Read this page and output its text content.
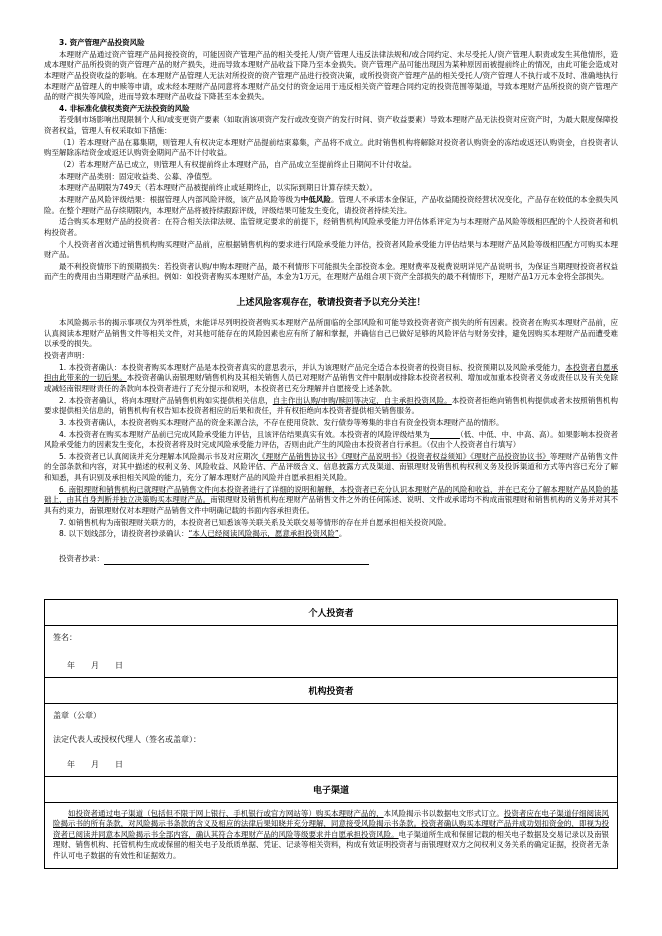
3. 资产管理产品投资风险

本理财产品通过资产管理产品间接投资的，可能因资产管理产品的相关受托人/资产管理人违反法律法规和/或合同约定、未尽受托人/资产管理人职责或发生其他情形，造成本理财产品所投资的资产管理产品的财产损失，进而导致本理财产品收益下降乃至本金损失。资产管理产品可能出现因为某种原因而被提前终止的情况，由此可能会造成对本理财产品投资收益的影响。在本理财产品管理人无法对所投资的资产管理产品进行投资决策，或所投资资产管理产品的相关受托人/资产管理人不执行或不及时、准确地执行本理财产品管理人的申赎等申请，或未经本理财产品同意将本理财产品交付的资金运用于违反相关资产管理合同约定的投资范围等渠道，导致本理财产品所投资的资产管理产品的财产损失等风险，进而导致本理财产品收益下降甚至本金损失。

4. 非标准化债权类资产无法投资的风险

若受制市场影响出现限制个人和/或变更资产要素（如取消该项资产发行或改变资产的发行时间、资产收益要素）导致本理财产品无法投资对应资产时，为最大限度保障投资者权益，管理人有权采取如下措施：

（1）若本理财产品在募集期，则管理人有权决定本理财产品提前结束募集，产品将不成立。此时销售机构将解除对投资者认购资金的冻结或返还认购资金，自投资者认购至解除冻结资金或返还认购资金期间产品不计付收益。

（2）若本理财产品已成立，则管理人有权提前终止本理财产品，自产品成立至提前终止日期间不计付收益。

本理财产品类别：固定收益类、公募、净值型。

本理财产品期限为749天（若本理财产品被提前终止或延期终止，以实际到期日计算存续天数）。

本理财产品风险评级结果：根据管理人内部风险评级，该产品风险等级为中低风险。管理人不承诺本金保证，产品收益随投资经营状况变化，产品存在较低的本金损失风险。在整个理财产品存续期限内，本理财产品将被持续跟踪评级，评级结果可能发生变化，请投资者持续关注。

适合购买本理财产品的投资者：在符合相关法律法规、监管规定要求的前提下，经销售机构风险承受能力评估体系评定为与本理财产品风险等级相匹配的个人投资者和机构投资者。

个人投资者首次通过销售机构购买理财产品前，应根据销售机构的要求进行风险承受能力评估，投资者风险承受能力评估结果与本理财产品风险等级相匹配方可购买本理财产品。

最不利投资情形下的预期损失：若投资者认购/申购本理财产品，最不利情形下可能损失全部投资本金。理财费率及税费说明详见产品说明书，为保证当期理财投资者权益而产生的费用由当期理财产品承担。例如：如投资者购买本理财产品，本金为1万元，在理财产品组合项下资产全部损失的最不利情形下，理财产品1万元本金将全部损失。

上述风险客观存在，敬请投资者予以充分关注！

本风险揭示书的揭示事项仅为列举性质，未能详尽列明投资者购买本理财产品所面临的全部风险和可能导致投资者资产损失的所有因素。投资者在购买本理财产品前，应认真阅读本理财产品销售文件等相关文件，对其他可能存在的风险因素也应有所了解和掌握，并确信自己已做好足够的风险评估与财务安排，避免因购买本理财产品而遭受难以承受的损失。

投资者声明：

1. 本投资者确认：本投资者购买本理财产品是本投资者真实的意思表示，并认为该理财产品完全适合本投资者的投资目标、投资预期以及风险承受能力，本投资者自愿承担由此带来的一切后果。本投资者确认南银理财/销售机构及其相关销售人员已对理财产品销售文件中限制或排除本投资者权利、增加或加重本投资者义务或责任以及有关免除或减轻南银理财责任的条款向本投资者进行了充分提示和说明，本投资者已充分理解并自愿接受上述条款。

2. 本投资者确认，将向本理财产品销售机构如实提供相关信息，自主作出认购/申购/赎回等决定，自主承担投资风险。本投资者拒绝向销售机构提供或者未按照销售机构要求提供相关信息的，销售机构有权告知本投资者相应的后果和责任，并有权拒绝向本投资者提供相关销售服务。

3. 本投资者确认，本投资者购买本理财产品的资金来源合法，不存在使用贷款、发行债券等筹集的非自有资金投资本理财产品的情形。

4. 本投资者在购买本理财产品前已完成风险承受能力评估，且该评估结果真实有效。本投资者的风险评级结果为　　　　	（低、中低、中、中高、高）。如果影响本投资者风险承受能力的因素发生变化，本投资者将及时完成风险承受能力评估，否则由此产生的风险由本投资者自行承担。（仅由个人投资者自行填写）

5. 本投资者已认真阅读并充分理解本风险揭示书及对应期次《理财产品销售协议书》《理财产品说明书》《投资者权益须知》《理财产品投资协议书》等理财产品销售文件的全部条款和内容，对其中描述的权利义务、风险收益、风险评估、产品评级含义、信息披露方式及渠道、南银理财及销售机构权利义务及投诉渠道和方式等内容已充分了解和知悉，具有识别及承担相关风险的能力，充分了解本理财产品的风险并自愿承担相关风险。

6. 南银理财和销售机构已就理财产品销售文件向本投资者进行了详细的说明和解释，本投资者已充分认识本理财产品的风险和收益，并在已充分了解本理财产品风险的基础上，由其自身判断并独立决策购买本理财产品。南银理财及销售机构在理财产品销售文件之外的任何陈述、说明、文件或承诺均不构成南银理财和销售机构的义务并对其不具有约束力，南银理财仅对本理财产品销售文件中明确记载的书面内容承担责任。

7. 如销售机构为南银理财关联方的，本投资者已知悉该等关联关系及关联交易等情形的存在并自愿承担相关投资风险。

8. 以下划线部分，请投资者抄录确认：“本人已经阅读风险揭示，愿意承担投资风险”。

投资者抄录：

个人投资者
签名：
年　　月　　日
机构投资者
盖章（公章）
法定代表人或授权代理人（签名或盖章）：
年　　月　　日
电子渠道

如投资者通过电子渠道（包括但不限于网上银行、手机银行或官方网站等）购买本理财产品的，本风险揭示书以数据电文形式订立。投资者应在电子渠道仔细阅读风险揭示书的所有条款，对风险揭示书条款的含义及相应的法律后果知晓并充分理解，同意接受风险揭示书条款。投资者确认购买本理财产品并成功划扣资金的，即视为投资者已阅读并同意本风险揭示书全部内容，确认其符合本理财产品的风险等级要求并自愿承担投资风险。电子渠道所生成和保留记载的相关电子数据及交易记录以及南银理财、销售机构、托管机构生成或保留的相关电子及纸质单据、凭证、记录等相关资料，构成有效证明投资者与南银理财双方之间权利义务关系的确定证据，投资者无条件认可电子数据的有效性和证据效力。
